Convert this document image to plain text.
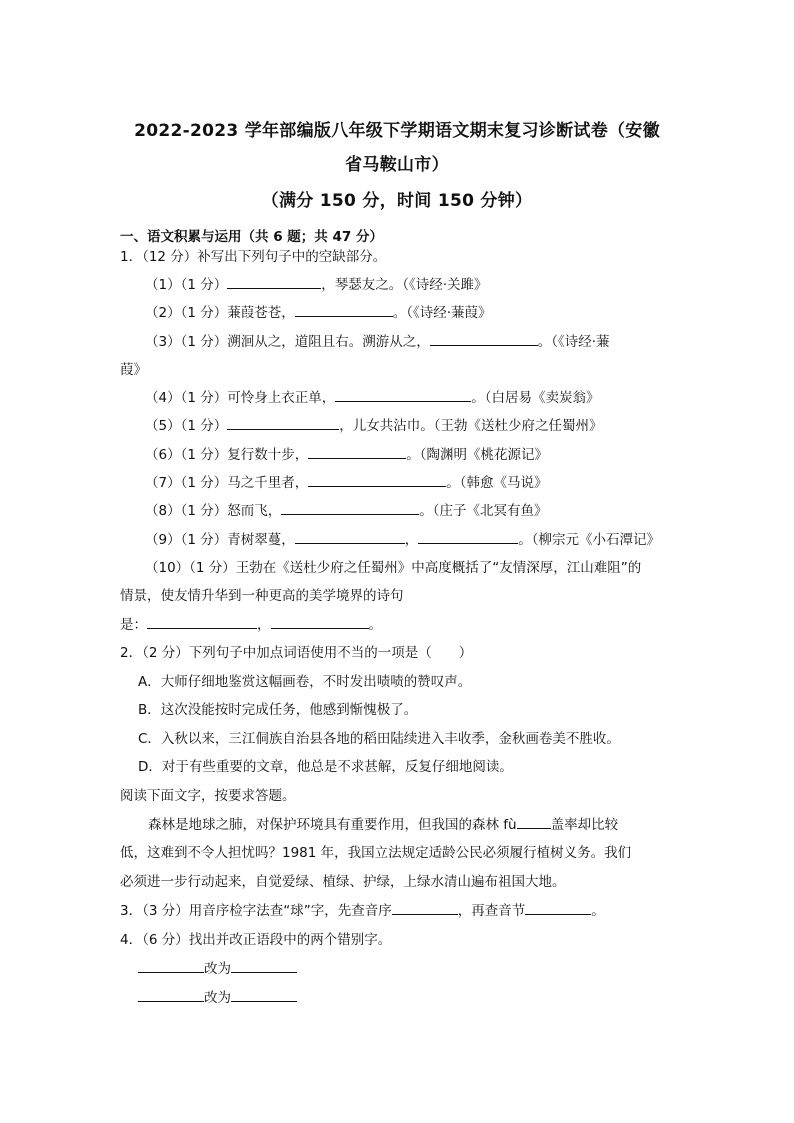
2022-2023 学年部编版八年级下学期语文期末复习诊断试卷（安徽
省马鞍山市）
（满分 150 分，时间 150 分钟）
一、语文积累与运用（共 6 题；共 47 分）
1．（12 分）补写出下列句子中的空缺部分。
（1）（1 分）	，琴瑟友之。（《诗经·关雎》
（2）（1 分）蒹葭苍苍，	。（《诗经·蒹葭》
（3）（1 分）溯洄从之，道阻且右。溯游从之，	。（《诗经·蒹
葭》
（4）（1 分）可怜身上衣正单，	。（白居易《卖炭翁》
（5）（1 分）	，儿女共沾巾。（王勃《送杜少府之任蜀州》
（6）（1 分）复行数十步，	。（陶渊明《桃花源记》
（7）（1 分）马之千里者，	。（韩愈《马说》
（8）（1 分）怒而飞，	。（庄子《北冥有鱼》
（9）（1 分）青树翠蔓，	，	。（柳宗元《小石潭记》
（10）（1 分）王勃在《送杜少府之任蜀州》中高度概括了“友情深厚，江山难阻”的
情景，使友情升华到一种更高的美学境界的诗句
是：	，	。
2．（2 分）下列句子中加点词语使用不当的一项是（　　）
A．大师仔细地鉴赏这幅画卷，不时发出啧啧的赞叹声。
B．这次没能按时完成任务，他感到惭愧极了。
C．入秋以来，三江侗族自治县各地的稻田陆续进入丰收季，金秋画卷美不胜收。
D．对于有些重要的文章，他总是不求甚解，反复仔细地阅读。
阅读下面文字，按要求答题。
森林是地球之肺，对保护环境具有重要作用，但我国的森林 fù	盖率却比较
低，这难到不令人担忧吗？1981 年，我国立法规定适龄公民必须履行植树义务。我们
必须进一步行动起来，自觉爱绿、植绿、护绿，上绿水清山遍布祖国大地。
3．（3 分）用音序检字法查“球”字，先查音序	，再查音节	。
4．（6 分）找出并改正语段中的两个错别字。
改为
改为
